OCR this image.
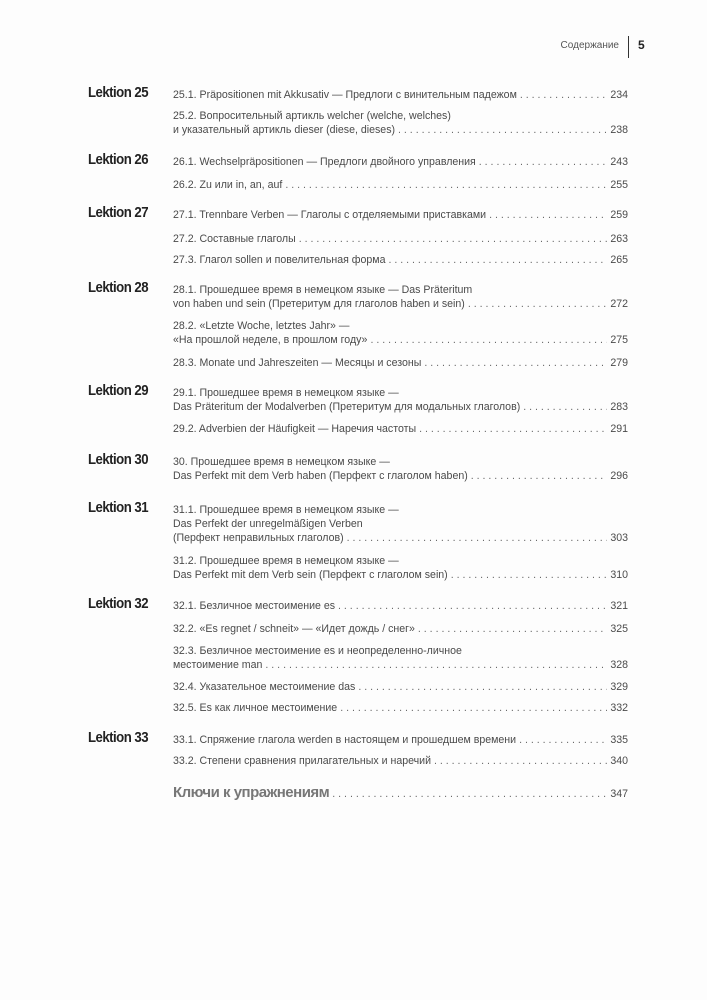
Содержание 5
Lektion 25 25.1. Präpositionen mit Akkusativ — Предлоги с винительным падежом . . .	234
25.2. Вопросительный артикль welcher (welche, welches)
и указательный артикль dieser (diese, dieses) . . .	238
Lektion 26 26.1. Wechselpräpositionen — Предлоги двойного управления . . .	243
26.2. Zu или in, an, auf . . .	255
Lektion 27 27.1. Trennbare Verben — Глаголы с отделяемыми приставками . . .	259
27.2. Составные глаголы . . .	263
27.3. Глагол sollen и повелительная форма . . .	265
Lektion 28 28.1. Прошедшее время в немецком языке — Das Präteritum
von haben und sein (Претеритум для глаголов haben и sein) . . .	272
28.2. «Letzte Woche, letztes Jahr» —
«На прошлой неделе, в прошлом году» . . .	275
28.3. Monate und Jahreszeiten — Месяцы и сезоны . . .	279
Lektion 29 29.1. Прошедшее время в немецком языке —
Das Präteritum der Modalverben (Претеритум для модальных глаголов) . . .	283
29.2. Adverbien der Häufigkeit — Наречия частоты . . .	291
Lektion 30 30. Прошедшее время в немецком языке —
Das Perfekt mit dem Verb haben (Перфект с глаголом haben) . . .	296
Lektion 31 31.1. Прошедшее время в немецком языке —
Das Perfekt der unregelmäßigen Verben
(Перфект неправильных глаголов) . . .	303
31.2. Прошедшее время в немецком языке —
Das Perfekt mit dem Verb sein (Перфект с глаголом sein) . . .	310
Lektion 32 32.1. Безличное местоимение es . . .	321
32.2. «Es regnet / schneit» — «Идет дождь / снег» . . .	325
32.3. Безличное местоимение es и неопределенно-личное
местоимение man . . .	328
32.4. Указательное местоимение das . . .	329
32.5. Es как личное местоимение . . .	332
Lektion 33 33.1. Спряжение глагола werden в настоящем и прошедшем времени . . .	335
33.2. Степени сравнения прилагательных и наречий . . .	340
Ключи к упражнениям . . .	347
